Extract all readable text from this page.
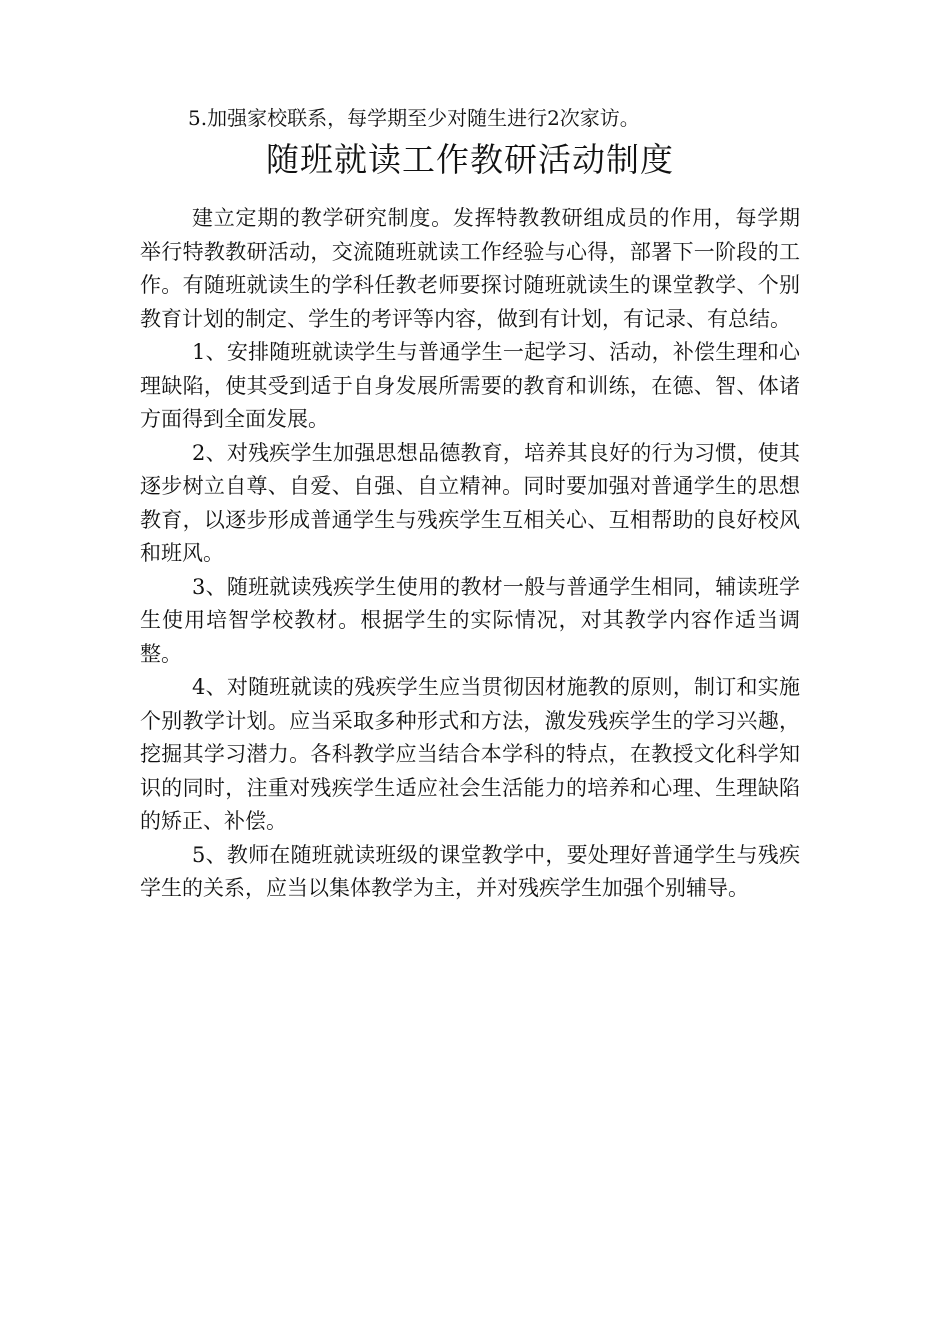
5.加强家校联系，每学期至少对随生进行2次家访。

随班就读工作教研活动制度

建立定期的教学研究制度。发挥特教教研组成员的作用，每学期举行特教教研活动，交流随班就读工作经验与心得，部署下一阶段的工作。有随班就读生的学科任教老师要探讨随班就读生的课堂教学、个别教育计划的制定、学生的考评等内容，做到有计划，有记录、有总结。

1、安排随班就读学生与普通学生一起学习、活动，补偿生理和心理缺陷，使其受到适于自身发展所需要的教育和训练，在德、智、体诸方面得到全面发展。

2、对残疾学生加强思想品德教育，培养其良好的行为习惯，使其逐步树立自尊、自爱、自强、自立精神。同时要加强对普通学生的思想教育，以逐步形成普通学生与残疾学生互相关心、互相帮助的良好校风和班风。

3、随班就读残疾学生使用的教材一般与普通学生相同，辅读班学生使用培智学校教材。根据学生的实际情况，对其教学内容作适当调整。

4、对随班就读的残疾学生应当贯彻因材施教的原则，制订和实施个别教学计划。应当采取多种形式和方法，激发残疾学生的学习兴趣，挖掘其学习潜力。各科教学应当结合本学科的特点，在教授文化科学知识的同时，注重对残疾学生适应社会生活能力的培养和心理、生理缺陷的矫正、补偿。

5、教师在随班就读班级的课堂教学中，要处理好普通学生与残疾学生的关系，应当以集体教学为主，并对残疾学生加强个别辅导。
